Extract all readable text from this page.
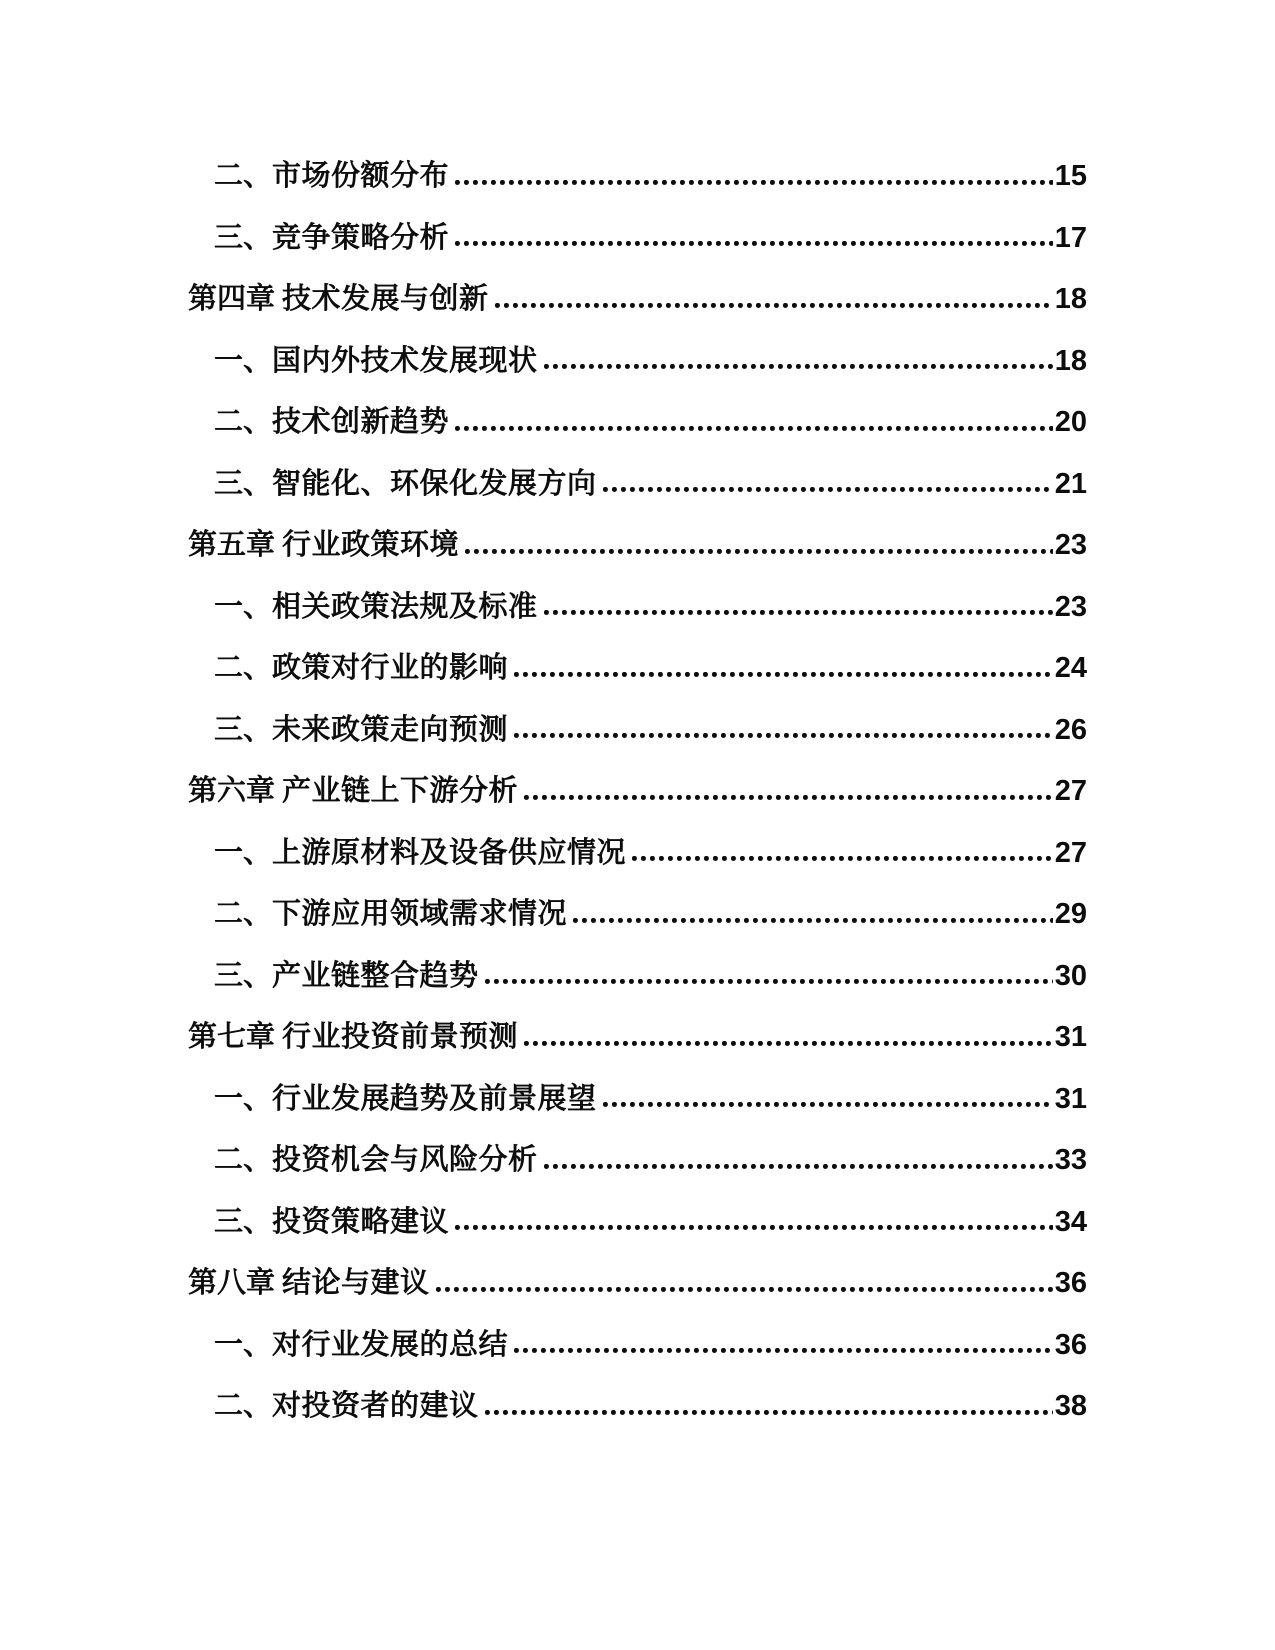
二、 市场份额分布	15
三、 竞争策略分析	17
第四章 技术发展与创新	18
一、 国内外技术发展现状	18
二、 技术创新趋势	20
三、 智能化、环保化发展方向	21
第五章 行业政策环境	23
一、 相关政策法规及标准	23
二、 政策对行业的影响	24
三、 未来政策走向预测	26
第六章 产业链上下游分析	27
一、 上游原材料及设备供应情况	27
二、 下游应用领域需求情况	29
三、 产业链整合趋势	30
第七章 行业投资前景预测	31
一、 行业发展趋势及前景展望	31
二、 投资机会与风险分析	33
三、 投资策略建议	34
第八章 结论与建议	36
一、 对行业发展的总结	36
二、 对投资者的建议	38
